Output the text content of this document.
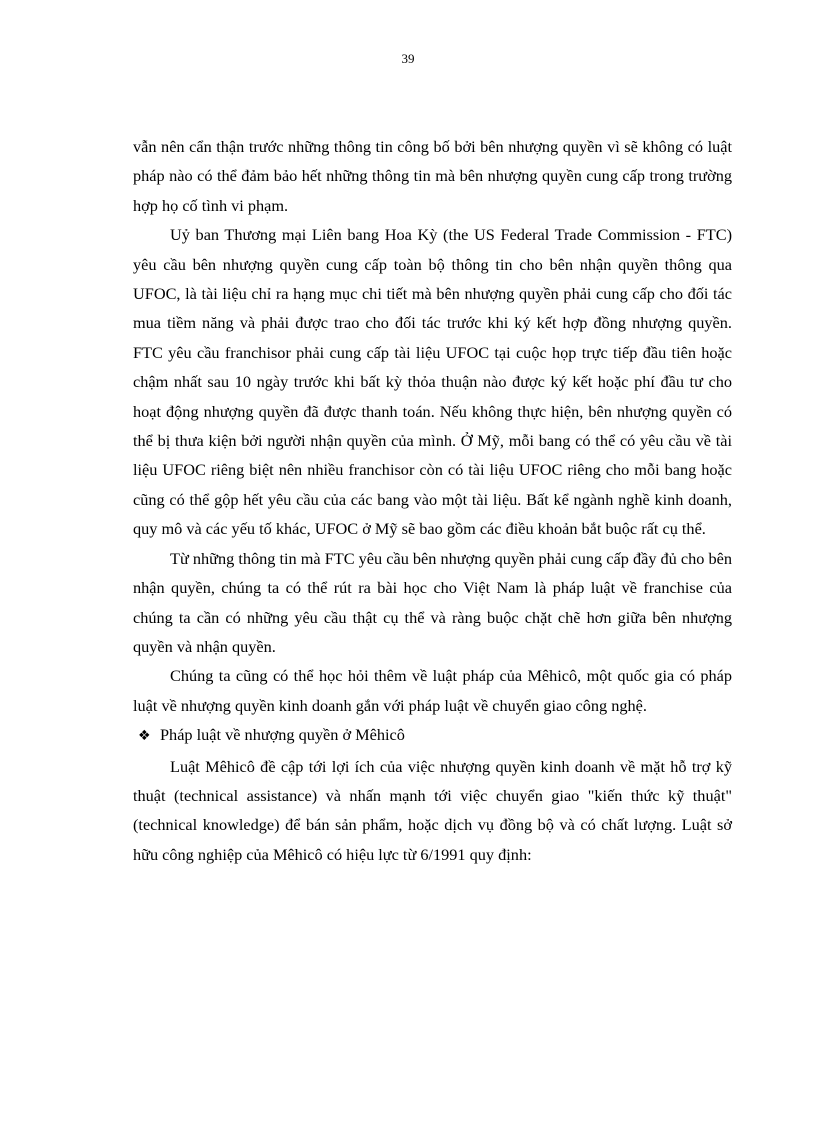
39

vẫn nên cẩn thận trước những thông tin công bố bởi bên nhượng quyền vì sẽ không có luật pháp nào có thể đảm bảo hết những thông tin mà bên nhượng quyền cung cấp trong trường hợp họ cố tình vi phạm.

Uỷ ban Thương mại Liên bang Hoa Kỳ (the US Federal Trade Commission - FTC) yêu cầu bên nhượng quyền cung cấp toàn bộ thông tin cho bên nhận quyền thông qua UFOC, là tài liệu chỉ ra hạng mục chi tiết mà bên nhượng quyền phải cung cấp cho đối tác mua tiềm năng và phải được trao cho đối tác trước khi ký kết hợp đồng nhượng quyền. FTC yêu cầu franchisor phải cung cấp tài liệu UFOC tại cuộc họp trực tiếp đầu tiên hoặc chậm nhất sau 10 ngày trước khi bất kỳ thỏa thuận nào được ký kết hoặc phí đầu tư cho hoạt động nhượng quyền đã được thanh toán. Nếu không thực hiện, bên nhượng quyền có thể bị thưa kiện bởi người nhận quyền của mình. Ở Mỹ, mỗi bang có thể có yêu cầu về tài liệu UFOC riêng biệt nên nhiều franchisor còn có tài liệu UFOC riêng cho mỗi bang hoặc cũng có thể gộp hết yêu cầu của các bang vào một tài liệu. Bất kể ngành nghề kinh doanh, quy mô và các yếu tố khác, UFOC ở Mỹ sẽ bao gồm các điều khoản bắt buộc rất cụ thể.

Từ những thông tin mà FTC yêu cầu bên nhượng quyền phải cung cấp đầy đủ cho bên nhận quyền, chúng ta có thể rút ra bài học cho Việt Nam là pháp luật về franchise của chúng ta cần có những yêu cầu thật cụ thể và ràng buộc chặt chẽ hơn giữa bên nhượng quyền và nhận quyền.

Chúng ta cũng có thể học hỏi thêm về luật pháp của Mêhicô, một quốc gia có pháp luật về nhượng quyền kinh doanh gắn với pháp luật về chuyển giao công nghệ.

❖ Pháp luật về nhượng quyền ở Mêhicô

Luật Mêhicô đề cập tới lợi ích của việc nhượng quyền kinh doanh về mặt hỗ trợ kỹ thuật (technical assistance) và nhấn mạnh tới việc chuyển giao "kiến thức kỹ thuật" (technical knowledge) để bán sản phẩm, hoặc dịch vụ đồng bộ và có chất lượng. Luật sở hữu công nghiệp của Mêhicô có hiệu lực từ 6/1991 quy định:
